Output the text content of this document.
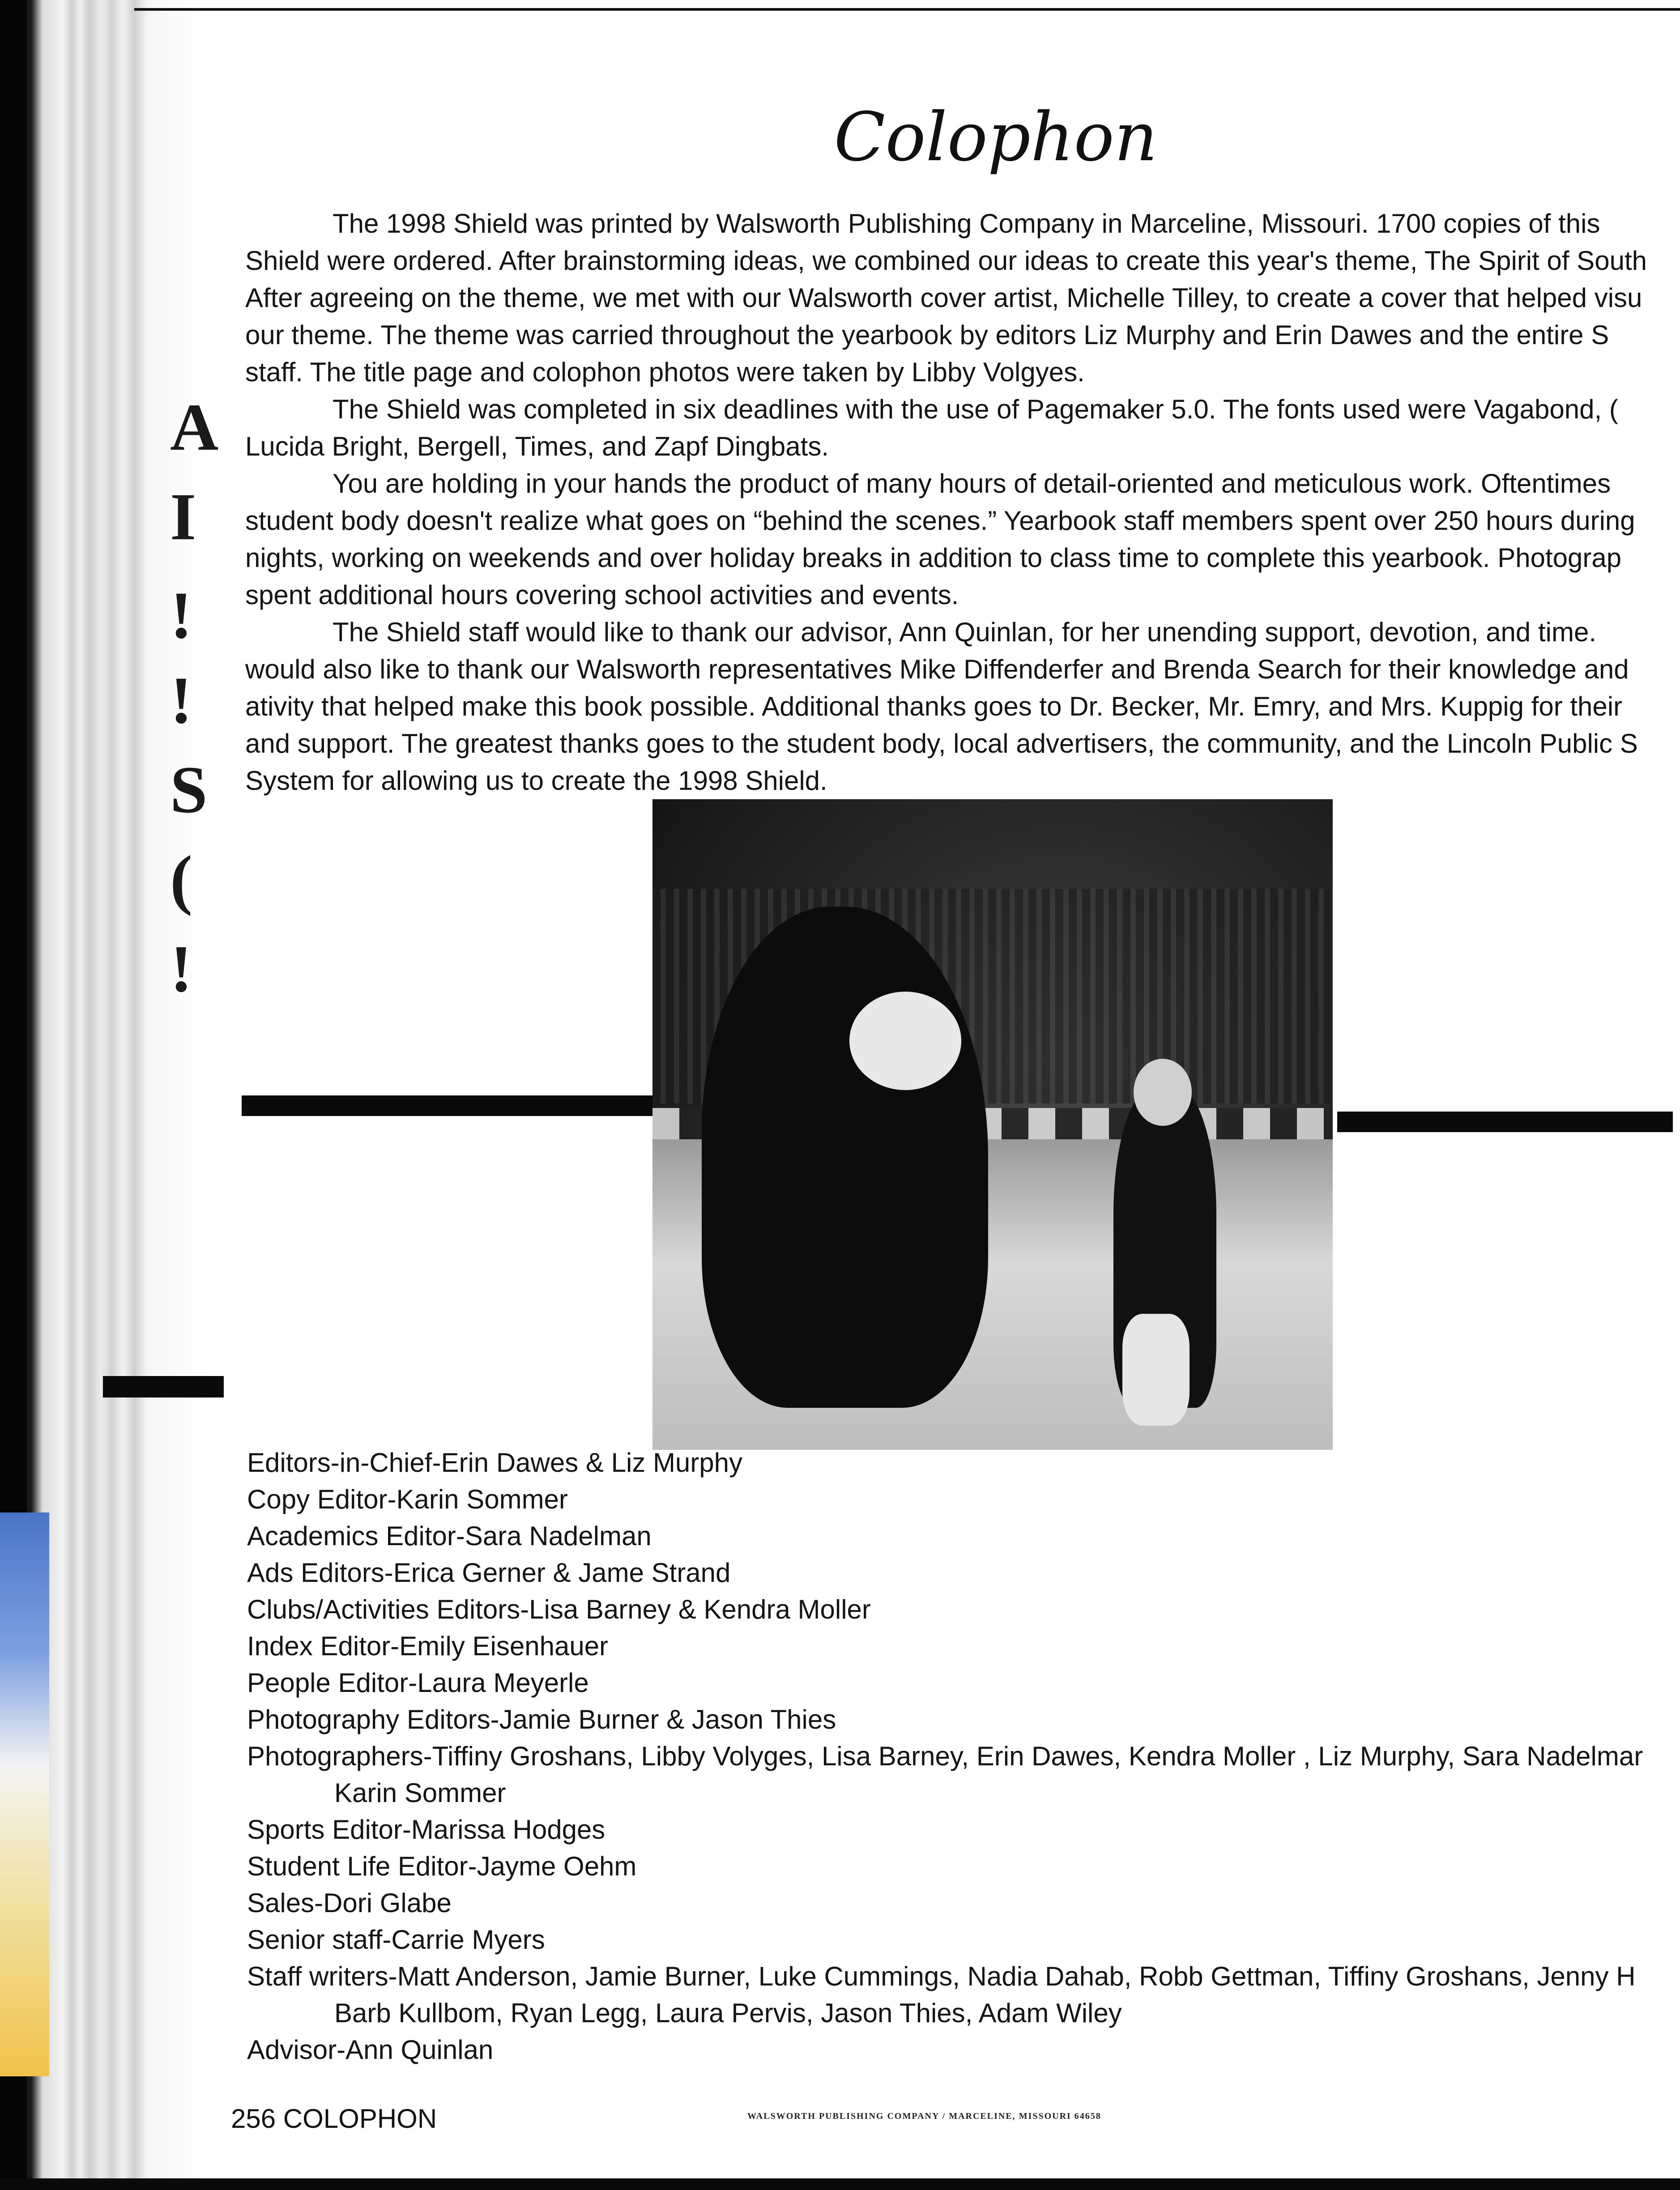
A
I
!
!
S
(
!
Colophon
The 1998 Shield was printed by Walsworth Publishing Company in Marceline, Missouri. 1700 copies of this
Shield were ordered. After brainstorming ideas, we combined our ideas to create this year's theme, The Spirit of South
After agreeing on the theme, we met with our Walsworth cover artist, Michelle Tilley, to create a cover that helped visu
our theme. The theme was carried throughout the yearbook by editors Liz Murphy and Erin Dawes and the entire S
staff. The title page and colophon photos were taken by Libby Volgyes.
The Shield was completed in six deadlines with the use of Pagemaker 5.0. The fonts used were Vagabond, (
Lucida Bright, Bergell, Times, and Zapf Dingbats.
You are holding in your hands the product of many hours of detail-oriented and meticulous work. Oftentimes
student body doesn't realize what goes on “behind the scenes.” Yearbook staff members spent over 250 hours during
nights, working on weekends and over holiday breaks in addition to class time to complete this yearbook. Photograp
spent additional hours covering school activities and events.
The Shield staff would like to thank our advisor, Ann Quinlan, for her unending support, devotion, and time.
would also like to thank our Walsworth representatives Mike Diffenderfer and Brenda Search for their knowledge and
ativity that helped make this book possible. Additional thanks goes to Dr. Becker, Mr. Emry, and Mrs. Kuppig for their
and support. The greatest thanks goes to the student body, local advertisers, the community, and the Lincoln Public S
System for allowing us to create the 1998 Shield.
Editors-in-Chief-Erin Dawes & Liz Murphy
Copy Editor-Karin Sommer
Academics Editor-Sara Nadelman
Ads Editors-Erica Gerner & Jame Strand
Clubs/Activities Editors-Lisa Barney & Kendra Moller
Index Editor-Emily Eisenhauer
People Editor-Laura Meyerle
Photography Editors-Jamie Burner & Jason Thies
Photographers-Tiffiny Groshans, Libby Volyges, Lisa Barney, Erin Dawes, Kendra Moller , Liz Murphy, Sara Nadelmar
Karin Sommer
Sports Editor-Marissa Hodges
Student Life Editor-Jayme Oehm
Sales-Dori Glabe
Senior staff-Carrie Myers
Staff writers-Matt Anderson, Jamie Burner, Luke Cummings, Nadia Dahab, Robb Gettman, Tiffiny Groshans, Jenny H
Barb Kullbom, Ryan Legg, Laura Pervis, Jason Thies, Adam Wiley
Advisor-Ann Quinlan
256 COLOPHON	WALSWORTH PUBLISHING COMPANY / MARCELINE, MISSOURI 64658
